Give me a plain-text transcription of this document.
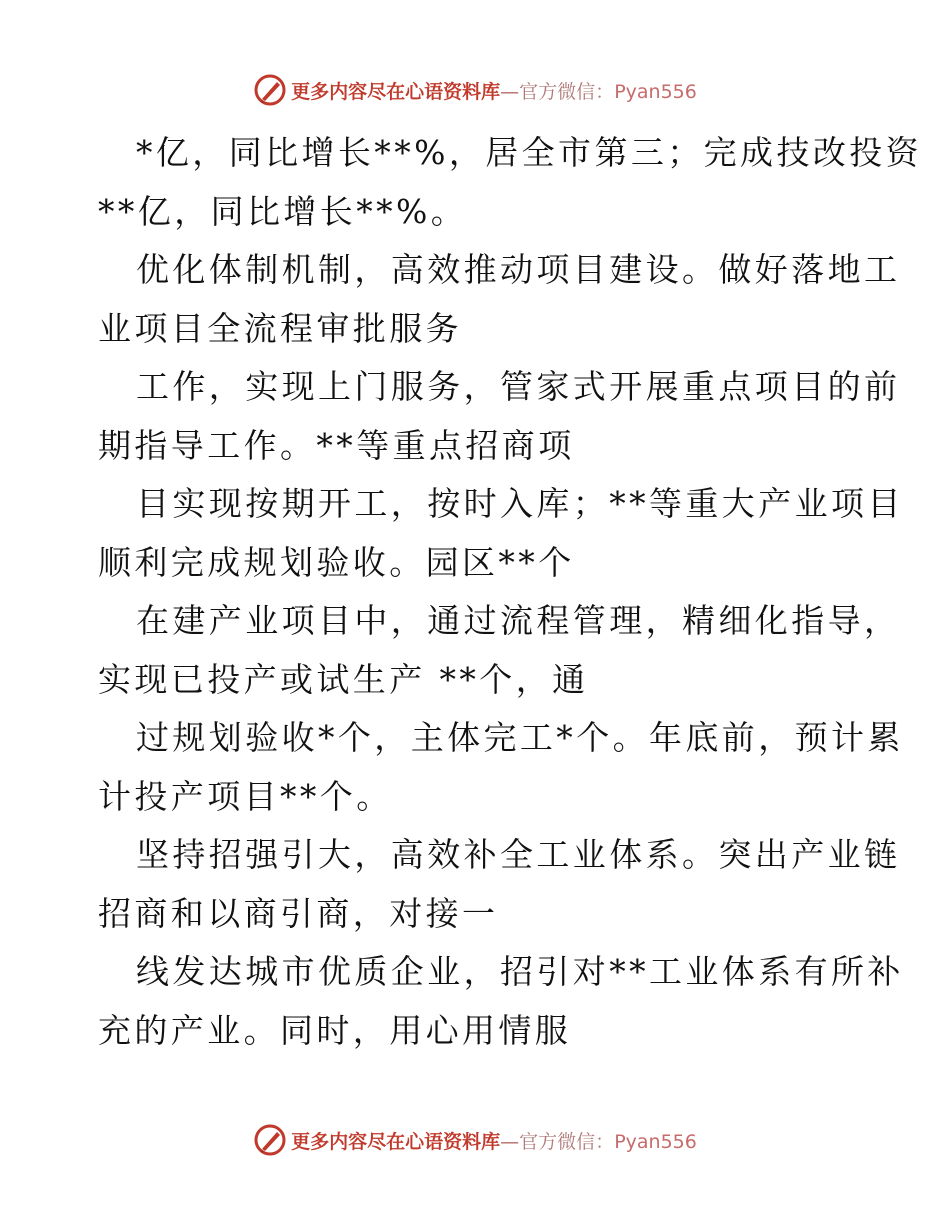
更多内容尽在心语资料库—官方微信：Pyan556
*亿，同比增长**%，居全市第三；完成技改投资
**亿，同比增长**%。
优化体制机制，高效推动项目建设。做好落地工
业项目全流程审批服务
工作，实现上门服务，管家式开展重点项目的前
期指导工作。**等重点招商项
目实现按期开工，按时入库；**等重大产业项目
顺利完成规划验收。园区**个
在建产业项目中，通过流程管理，精细化指导，
实现已投产或试生产 **个，通
过规划验收*个，主体完工*个。年底前，预计累
计投产项目**个。
坚持招强引大，高效补全工业体系。突出产业链
招商和以商引商，对接一
线发达城市优质企业，招引对**工业体系有所补
充的产业。同时，用心用情服
更多内容尽在心语资料库—官方微信：Pyan556
